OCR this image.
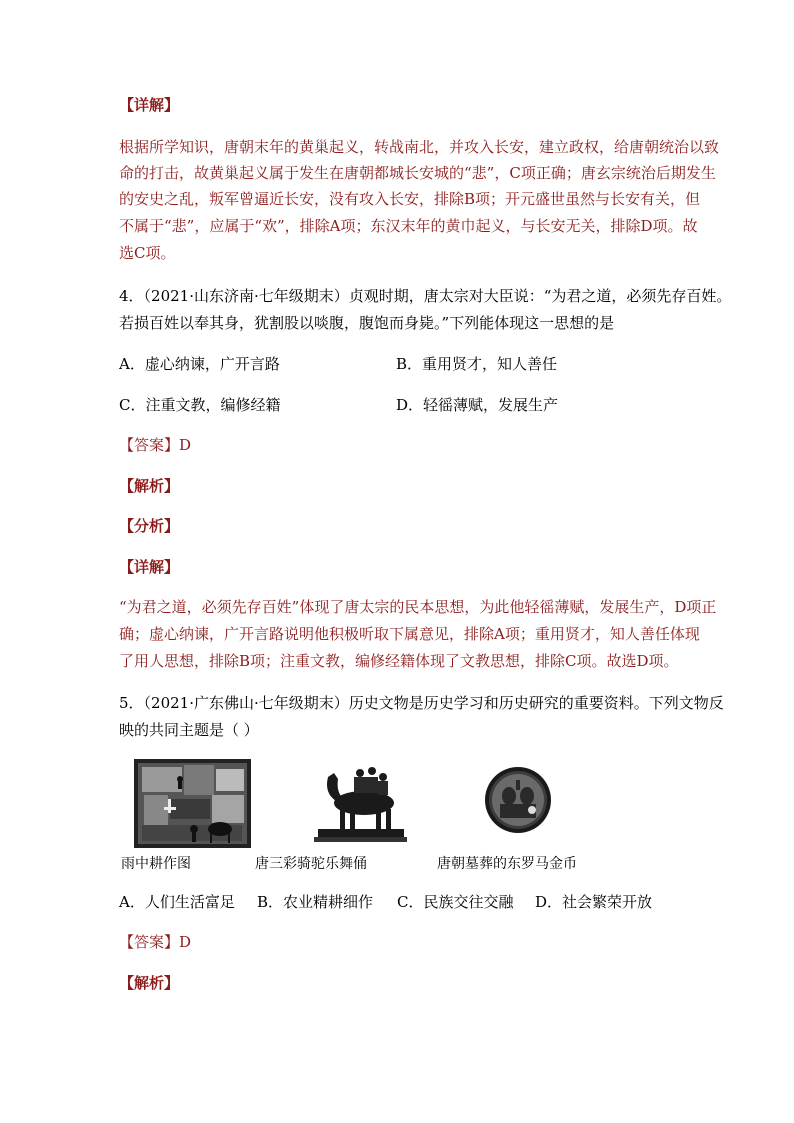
【详解】
根据所学知识，唐朝末年的黄巢起义，转战南北，并攻入长安，建立政权，给唐朝统治以致
命的打击，故黄巢起义属于发生在唐朝都城长安城的“悲”，C项正确；唐玄宗统治后期发生
的安史之乱，叛军曾逼近长安，没有攻入长安，排除B项；开元盛世虽然与长安有关，但
不属于“悲”，应属于“欢”，排除A项；东汉末年的黄巾起义，与长安无关，排除D项。故
选C项。
4．（2021·山东济南·七年级期末）贞观时期，唐太宗对大臣说：“为君之道，必须先存百姓。
若损百姓以奉其身，犹割股以啖腹，腹饱而身毙。”下列能体现这一思想的是
A．虚心纳谏，广开言路	B．重用贤才，知人善任
C．注重文教，编修经籍	D．轻徭薄赋，发展生产
【答案】D
【解析】
【分析】
【详解】
“为君之道，必须先存百姓”体现了唐太宗的民本思想，为此他轻徭薄赋，发展生产，D项正
确；虚心纳谏，广开言路说明他积极听取下属意见，排除A项；重用贤才，知人善任体现
了用人思想，排除B项；注重文教，编修经籍体现了文教思想，排除C项。故选D项。
5．（2021·广东佛山·七年级期末）历史文物是历史学习和历史研究的重要资料。下列文物反
映的共同主题是（ ）
雨中耕作图	唐三彩骑驼乐舞俑	唐朝墓葬的东罗马金币
A．人们生活富足 B．农业精耕细作 C．民族交往交融 D．社会繁荣开放
【答案】D
【解析】
